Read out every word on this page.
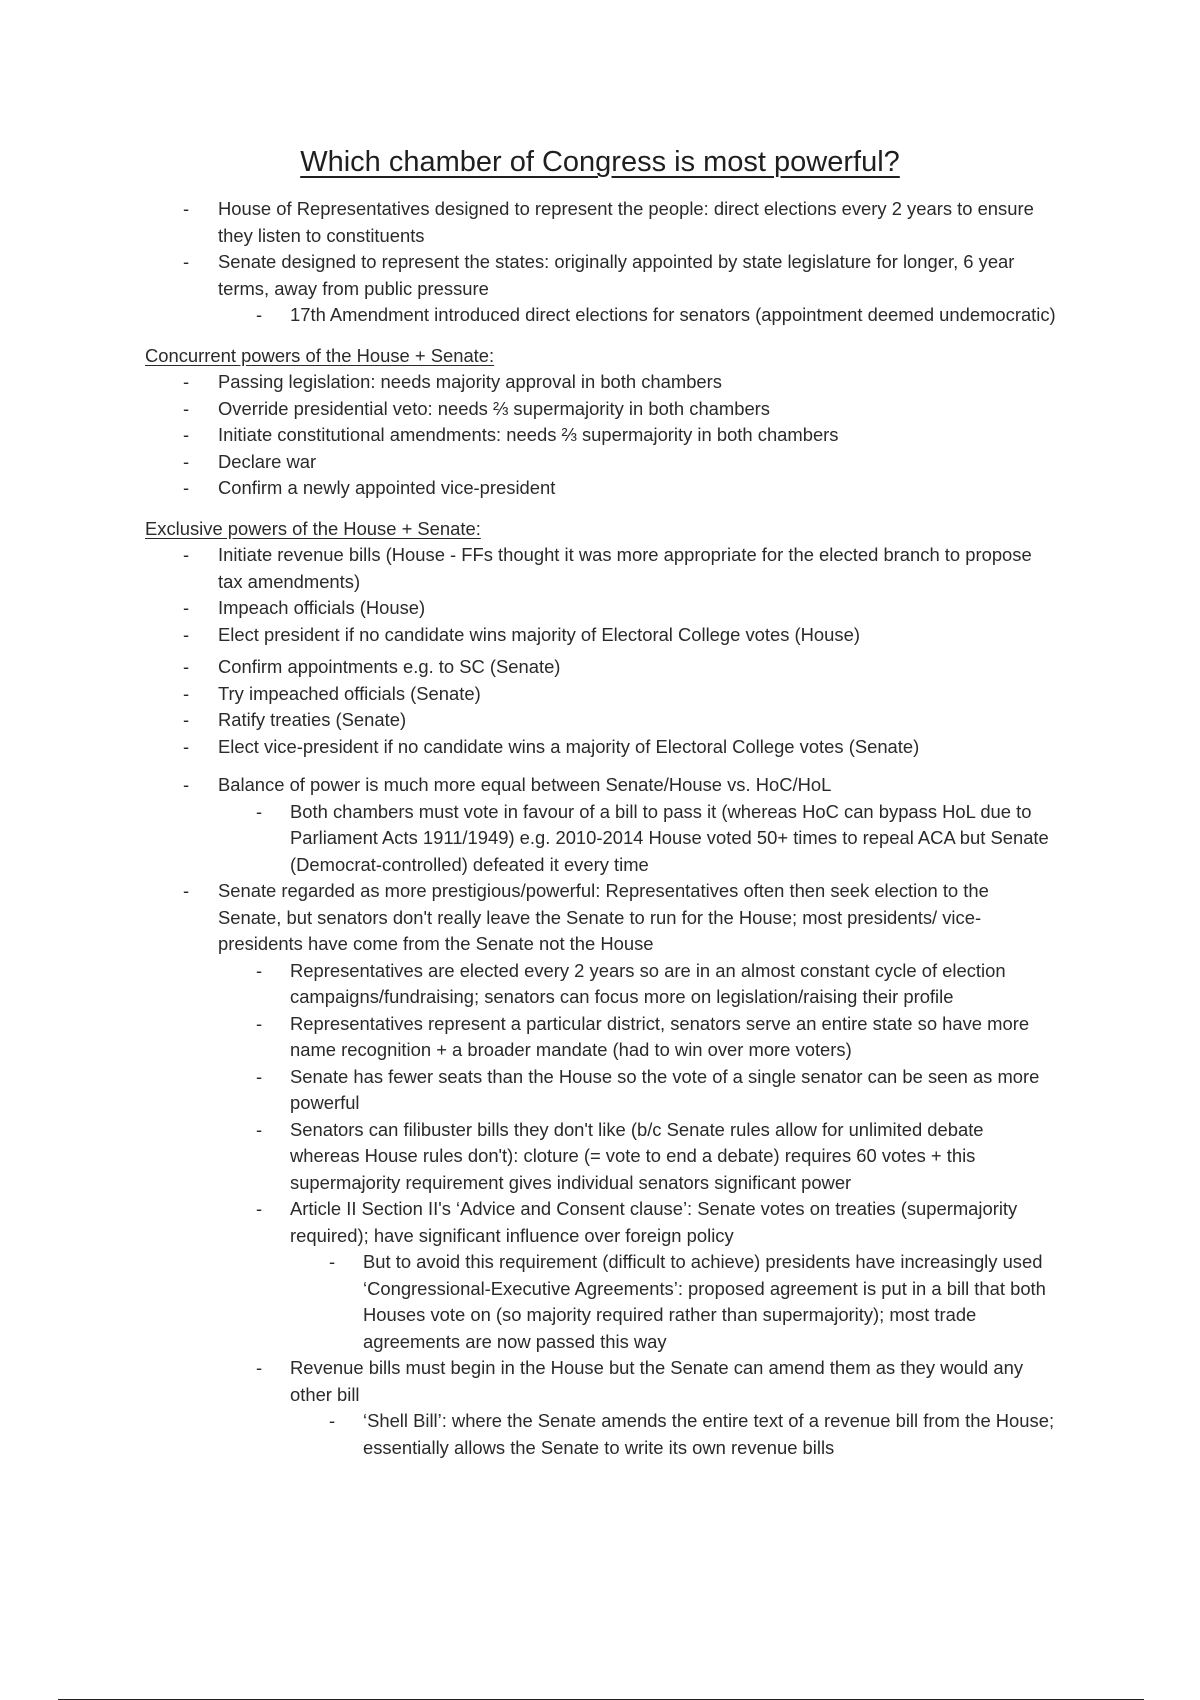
Which chamber of Congress is most powerful?
- House of Representatives designed to represent the people: direct elections every 2 years to ensure they listen to constituents
- Senate designed to represent the states: originally appointed by state legislature for longer, 6 year terms, away from public pressure
- 17th Amendment introduced direct elections for senators (appointment deemed undemocratic)
Concurrent powers of the House + Senate:
- Passing legislation: needs majority approval in both chambers
- Override presidential veto: needs ⅔ supermajority in both chambers
- Initiate constitutional amendments: needs ⅔ supermajority in both chambers
- Declare war
- Confirm a newly appointed vice-president
Exclusive powers of the House + Senate:
- Initiate revenue bills (House - FFs thought it was more appropriate for the elected branch to propose tax amendments)
- Impeach officials (House)
- Elect president if no candidate wins majority of Electoral College votes (House)
- Confirm appointments e.g. to SC (Senate)
- Try impeached officials (Senate)
- Ratify treaties (Senate)
- Elect vice-president if no candidate wins a majority of Electoral College votes (Senate)
- Balance of power is much more equal between Senate/House vs. HoC/HoL
- Both chambers must vote in favour of a bill to pass it (whereas HoC can bypass HoL due to Parliament Acts 1911/1949) e.g. 2010-2014 House voted 50+ times to repeal ACA but Senate (Democrat-controlled) defeated it every time
- Senate regarded as more prestigious/powerful: Representatives often then seek election to the Senate, but senators don't really leave the Senate to run for the House; most presidents/ vice-presidents have come from the Senate not the House
- Representatives are elected every 2 years so are in an almost constant cycle of election campaigns/fundraising; senators can focus more on legislation/raising their profile
- Representatives represent a particular district, senators serve an entire state so have more name recognition + a broader mandate (had to win over more voters)
- Senate has fewer seats than the House so the vote of a single senator can be seen as more powerful
- Senators can filibuster bills they don't like (b/c Senate rules allow for unlimited debate whereas House rules don't): cloture (= vote to end a debate) requires 60 votes + this supermajority requirement gives individual senators significant power
- Article II Section II's ‘Advice and Consent clause’: Senate votes on treaties (supermajority required); have significant influence over foreign policy
- But to avoid this requirement (difficult to achieve) presidents have increasingly used ‘Congressional-Executive Agreements’: proposed agreement is put in a bill that both Houses vote on (so majority required rather than supermajority); most trade agreements are now passed this way
- Revenue bills must begin in the House but the Senate can amend them as they would any other bill
- ‘Shell Bill’: where the Senate amends the entire text of a revenue bill from the House; essentially allows the Senate to write its own revenue bills
